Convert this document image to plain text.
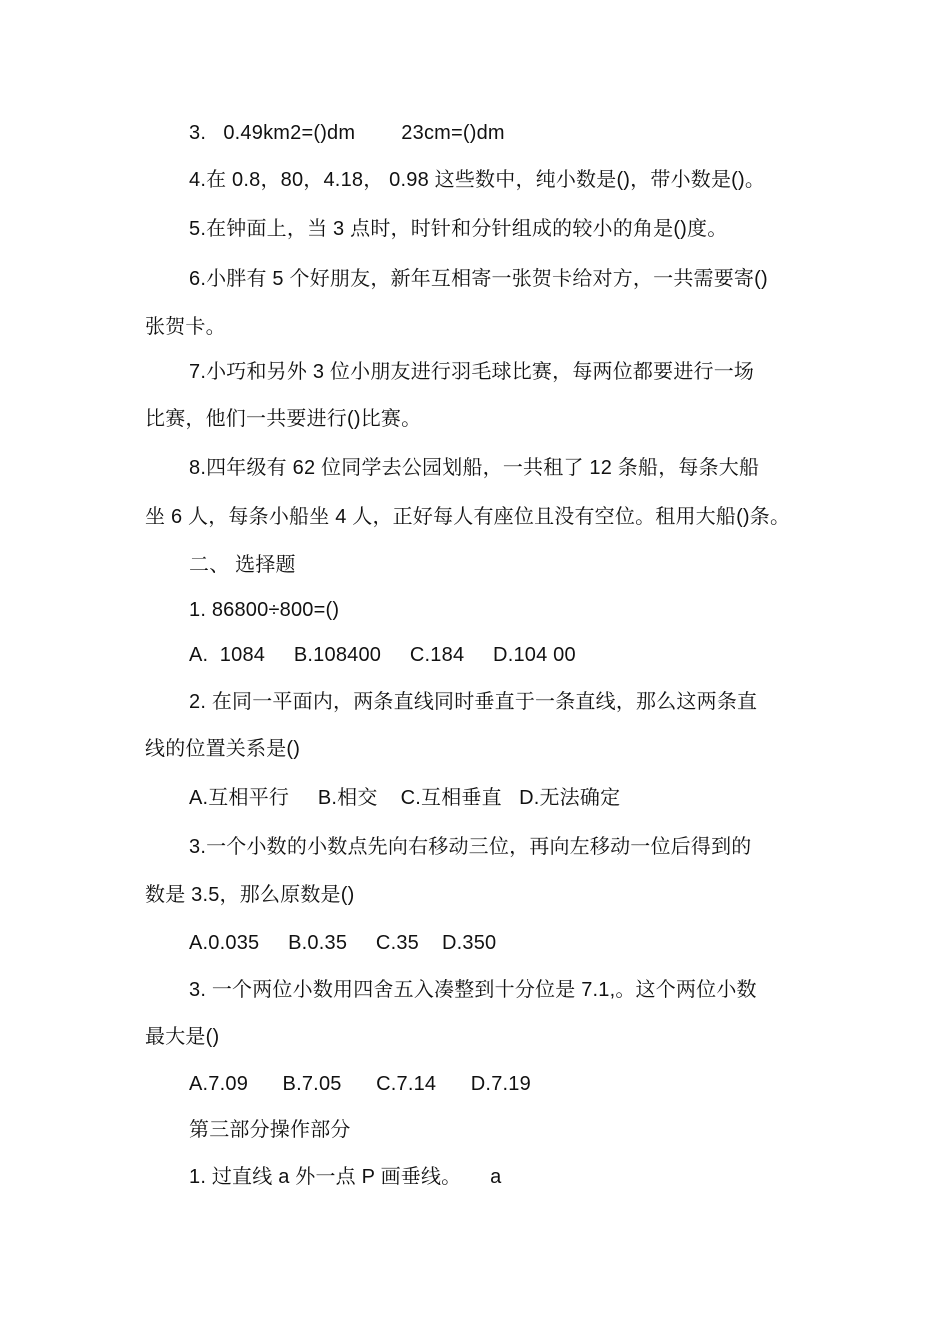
3.   0.49km2=()dm        23cm=()dm
4.在 0.8，80，4.18， 0.98 这些数中，纯小数是()，带小数是()。
5.在钟面上，当 3 点时，时针和分针组成的较小的角是()度。
6.小胖有 5 个好朋友，新年互相寄一张贺卡给对方，一共需要寄()
张贺卡。
7.小巧和另外 3 位小朋友进行羽毛球比赛，每两位都要进行一场
比赛，他们一共要进行()比赛。
8.四年级有 62 位同学去公园划船，一共租了 12 条船，每条大船
坐 6 人，每条小船坐 4 人，正好每人有座位且没有空位。租用大船()条。
二、 选择题
1. 86800÷800=()
A.  1084     B.108400     C.184     D.104 00
2. 在同一平面内，两条直线同时垂直于一条直线，那么这两条直
线的位置关系是()
A.互相平行     B.相交    C.互相垂直   D.无法确定
3.一个小数的小数点先向右移动三位，再向左移动一位后得到的
数是 3.5，那么原数是()
A.0.035     B.0.35     C.35    D.350
3. 一个两位小数用四舍五入凑整到十分位是 7.1,。这个两位小数
最大是()
A.7.09      B.7.05      C.7.14      D.7.19
第三部分操作部分
1. 过直线 a 外一点 P 画垂线。     a
